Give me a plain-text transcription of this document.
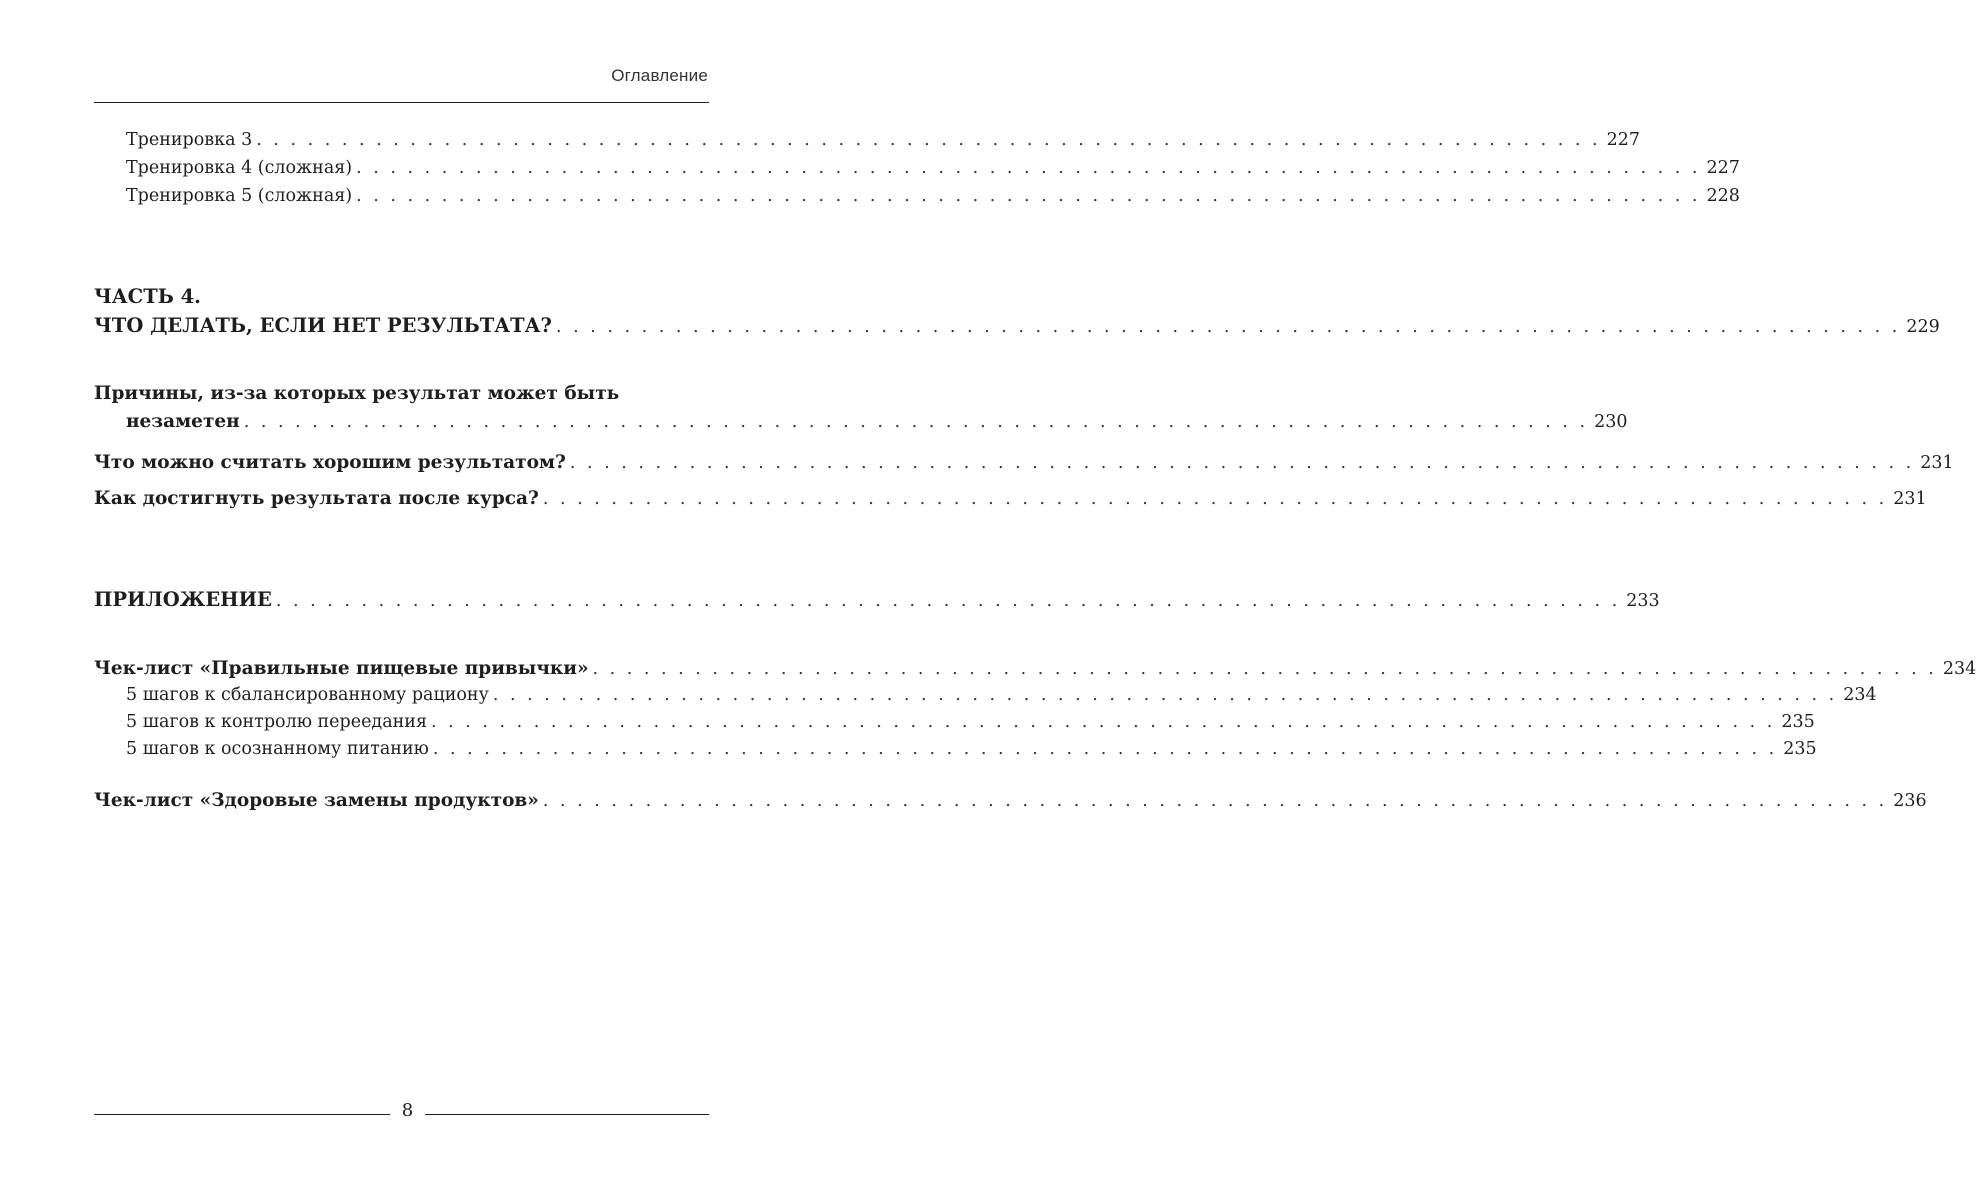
Оглавление
Тренировка 3 . . . . . . . . . . . . . . . . . . . . . . . . . . . . . . . . . . . . . . . . . . . . . . . . . . . . . . . . . . . . . . . . . . . . . . . . . . . . . . . 227
Тренировка 4 (сложная) . . . . . . . . . . . . . . . . . . . . . . . . . . . . . . . . . . . . . . . . . . . . . . . . . . . . . . . . . . . . . . . . . . . . . . . . . . . . . . . 227
Тренировка 5 (сложная) . . . . . . . . . . . . . . . . . . . . . . . . . . . . . . . . . . . . . . . . . . . . . . . . . . . . . . . . . . . . . . . . . . . . . . . . . . . . . . . 228
ЧАСТЬ 4.
ЧТО ДЕЛАТЬ, ЕСЛИ НЕТ РЕЗУЛЬТАТА? . . . . . . . . . . . . . . . . . . . . . . . . . . . . . . . . . . . . . . . . . . . . . . . . . . . . . . . . . . . . . . . . . . . . . . . . . . . . . . . 229
Причины, из-за которых результат может быть
незаметен . . . . . . . . . . . . . . . . . . . . . . . . . . . . . . . . . . . . . . . . . . . . . . . . . . . . . . . . . . . . . . . . . . . . . . . . . . . . . . . 230
Что можно считать хорошим результатом? . . . . . . . . . . . . . . . . . . . . . . . . . . . . . . . . . . . . . . . . . . . . . . . . . . . . . . . . . . . . . . . . . . . . . . . . . . . . . . . 231
Как достигнуть результата после курса? . . . . . . . . . . . . . . . . . . . . . . . . . . . . . . . . . . . . . . . . . . . . . . . . . . . . . . . . . . . . . . . . . . . . . . . . . . . . . . . 231
ПРИЛОЖЕНИЕ . . . . . . . . . . . . . . . . . . . . . . . . . . . . . . . . . . . . . . . . . . . . . . . . . . . . . . . . . . . . . . . . . . . . . . . . . . . . . . . 233
Чек-лист «Правильные пищевые привычки» . . . . . . . . . . . . . . . . . . . . . . . . . . . . . . . . . . . . . . . . . . . . . . . . . . . . . . . . . . . . . . . . . . . . . . . . . . . . . . . 234
5 шагов к сбалансированному рациону . . . . . . . . . . . . . . . . . . . . . . . . . . . . . . . . . . . . . . . . . . . . . . . . . . . . . . . . . . . . . . . . . . . . . . . . . . . . . . . 234
5 шагов к контролю переедания . . . . . . . . . . . . . . . . . . . . . . . . . . . . . . . . . . . . . . . . . . . . . . . . . . . . . . . . . . . . . . . . . . . . . . . . . . . . . . . 235
5 шагов к осознанному питанию . . . . . . . . . . . . . . . . . . . . . . . . . . . . . . . . . . . . . . . . . . . . . . . . . . . . . . . . . . . . . . . . . . . . . . . . . . . . . . . 235
Чек-лист «Здоровые замены продуктов» . . . . . . . . . . . . . . . . . . . . . . . . . . . . . . . . . . . . . . . . . . . . . . . . . . . . . . . . . . . . . . . . . . . . . . . . . . . . . . . 236
8
